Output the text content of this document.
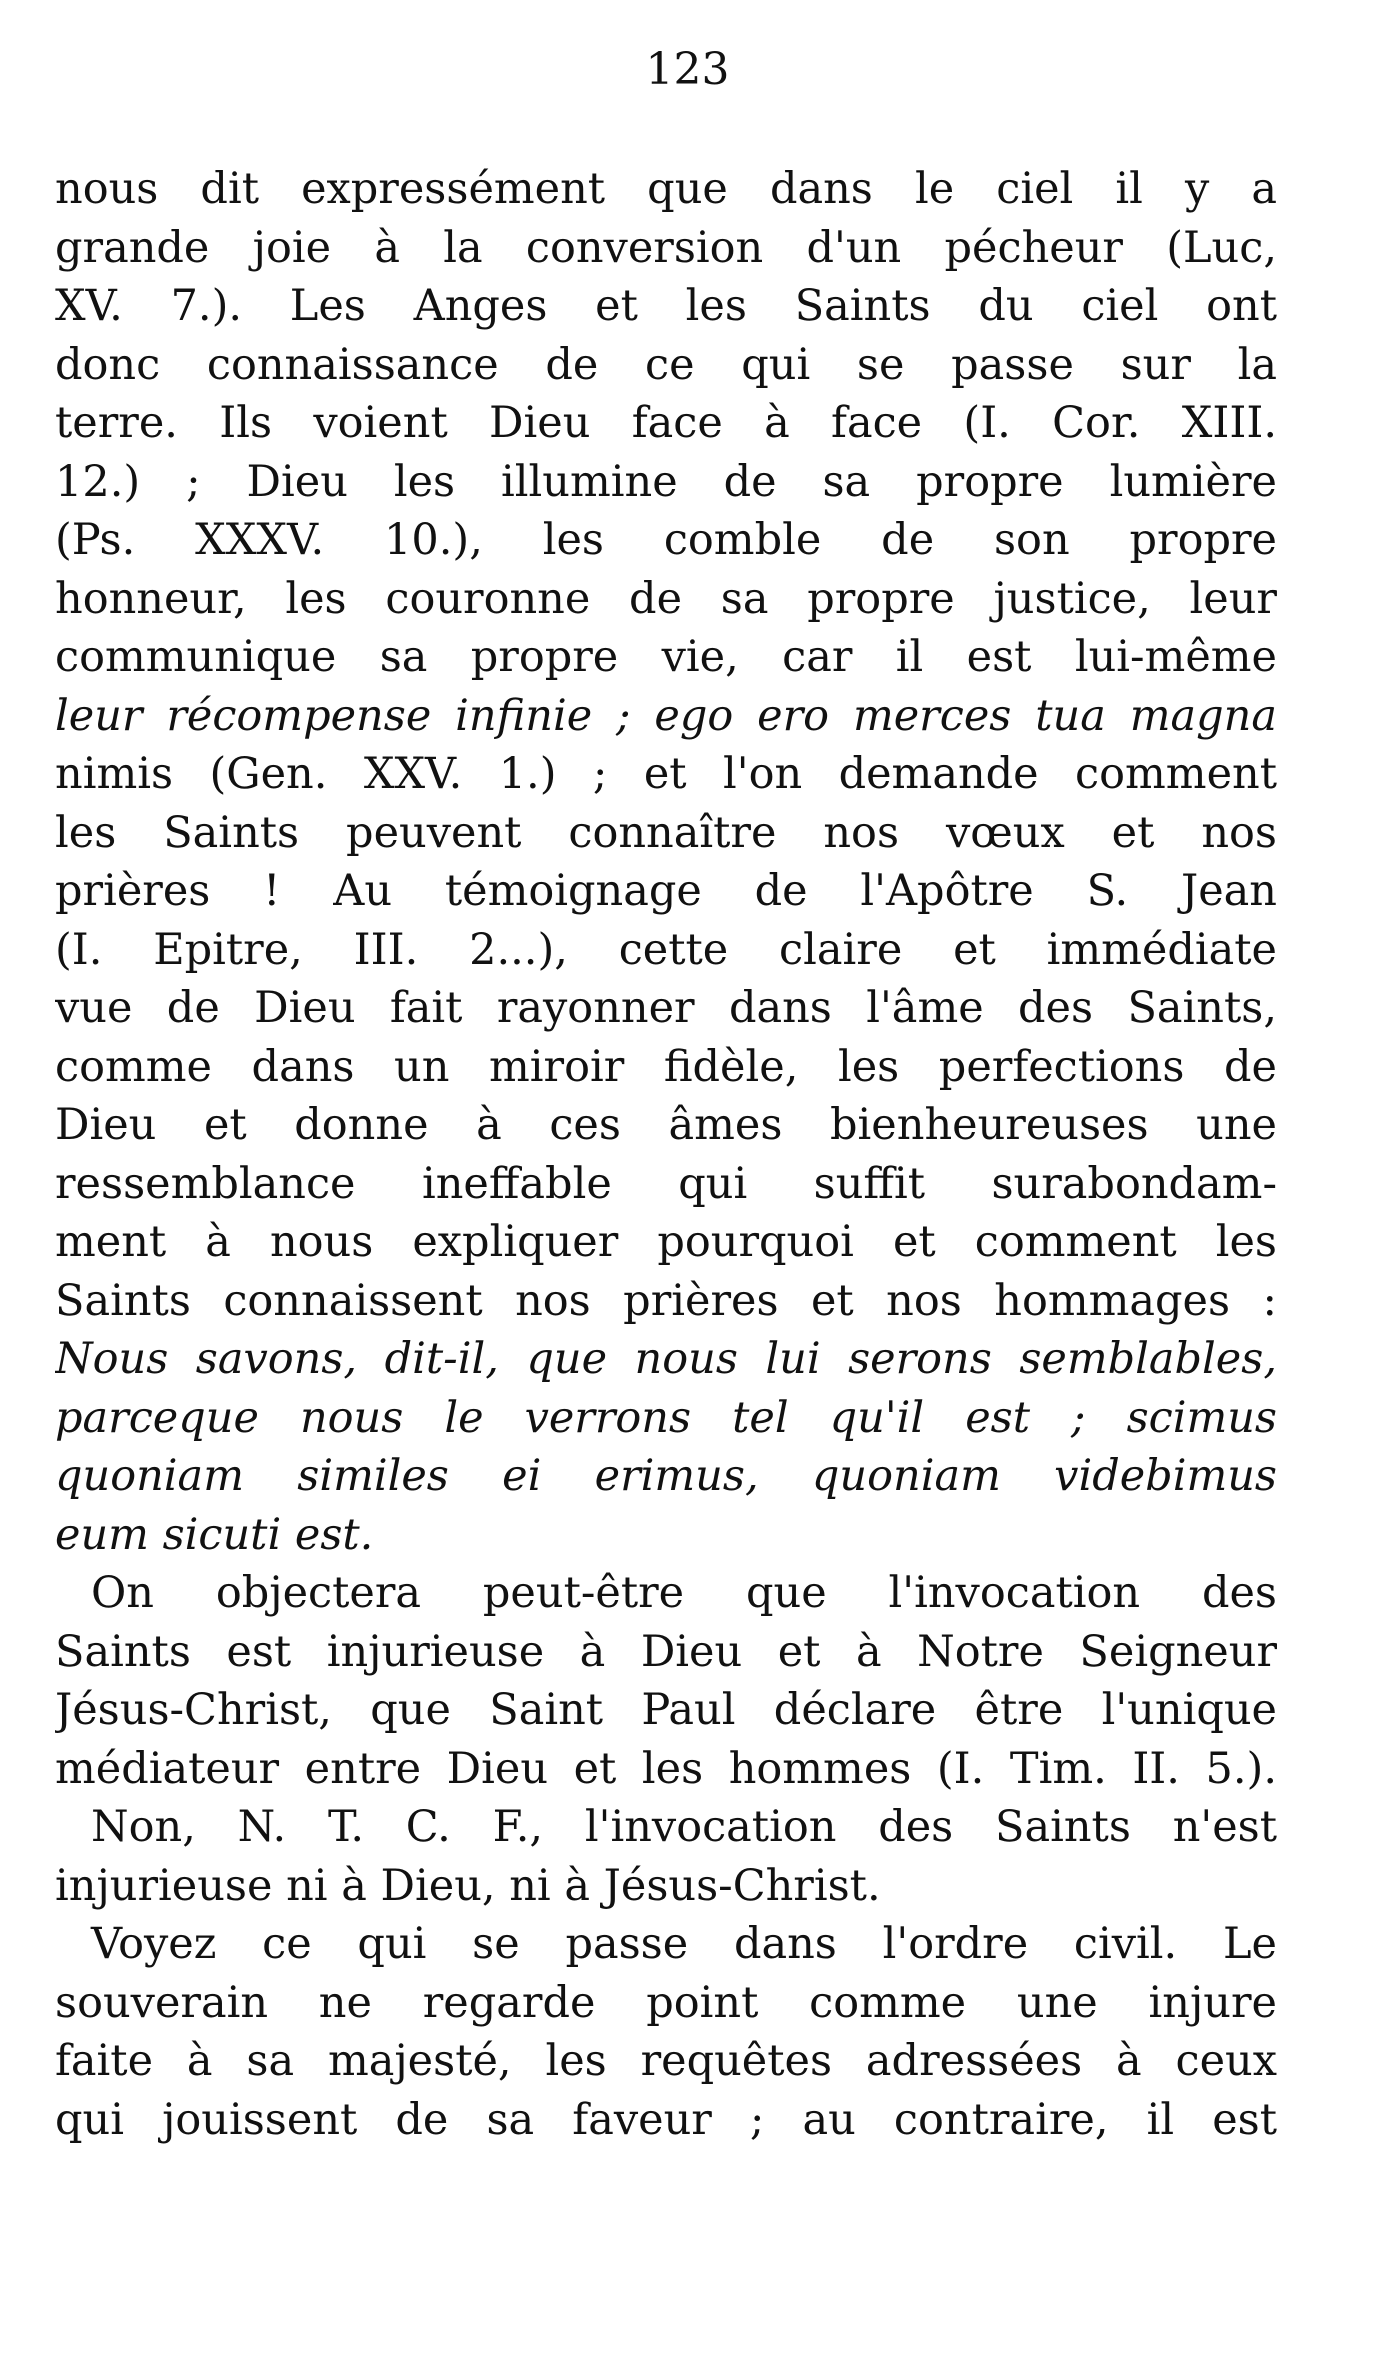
123
nous dit expressément que dans le ciel il y a
grande joie à la conversion d'un pécheur (Luc,
XV. 7.). Les Anges et les Saints du ciel ont
donc connaissance de ce qui se passe sur la
terre. Ils voient Dieu face à face (I. Cor. XIII.
12.) ; Dieu les illumine de sa propre lumière
(Ps. XXXV. 10.), les comble de son propre
honneur, les couronne de sa propre justice, leur
communique sa propre vie, car il est lui-même
leur récompense infinie ; ego ero merces tua magna
nimis (Gen. XXV. 1.) ; et l'on demande comment
les Saints peuvent connaître nos vœux et nos
prières ! Au témoignage de l'Apôtre S. Jean
(I. Epitre, III. 2...), cette claire et immédiate
vue de Dieu fait rayonner dans l'âme des Saints,
comme dans un miroir fidèle, les perfections de
Dieu et donne à ces âmes bienheureuses une
ressemblance ineffable qui suffit surabondam-
ment à nous expliquer pourquoi et comment les
Saints connaissent nos prières et nos hommages :
Nous savons, dit-il, que nous lui serons semblables,
parceque nous le verrons tel qu'il est ; scimus
quoniam similes ei erimus, quoniam videbimus
eum sicuti est.
On objectera peut-être que l'invocation des
Saints est injurieuse à Dieu et à Notre Seigneur
Jésus-Christ, que Saint Paul déclare être l'unique
médiateur entre Dieu et les hommes (I. Tim. II. 5.).
Non, N. T. C. F., l'invocation des Saints n'est
injurieuse ni à Dieu, ni à Jésus-Christ.
Voyez ce qui se passe dans l'ordre civil. Le
souverain ne regarde point comme une injure
faite à sa majesté, les requêtes adressées à ceux
qui jouissent de sa faveur ; au contraire, il est
